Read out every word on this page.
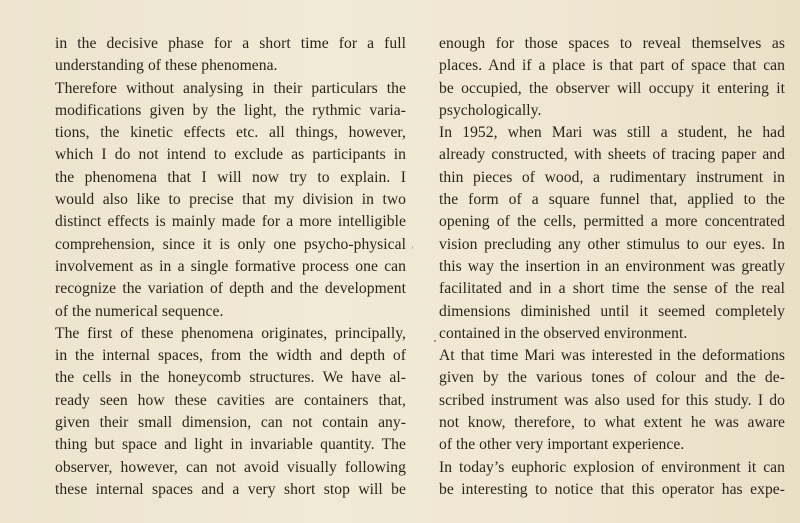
in the decisive phase for a short time for a full
understanding of these phenomena.
Therefore without analysing in their particulars the
modifications given by the light, the rythmic varia-
tions, the kinetic effects etc. all things, however,
which I do not intend to exclude as participants in
the phenomena that I will now try to explain. I
would also like to precise that my division in two
distinct effects is mainly made for a more intelligible
comprehension, since it is only one psycho-physical
involvement as in a single formative process one can
recognize the variation of depth and the development
of the numerical sequence.
The first of these phenomena originates, principally,
in the internal spaces, from the width and depth of
the cells in the honeycomb structures. We have al-
ready seen how these cavities are containers that,
given their small dimension, can not contain any-
thing but space and light in invariable quantity. The
observer, however, can not avoid visually following
these internal spaces and a very short stop will be
enough for those spaces to reveal themselves as
places. And if a place is that part of space that can
be occupied, the observer will occupy it entering it
psychologically.
In 1952, when Mari was still a student, he had
already constructed, with sheets of tracing paper and
thin pieces of wood, a rudimentary instrument in
the form of a square funnel that, applied to the
opening of the cells, permitted a more concentrated
vision precluding any other stimulus to our eyes. In
this way the insertion in an environment was greatly
facilitated and in a short time the sense of the real
dimensions diminished until it seemed completely
contained in the observed environment.
At that time Mari was interested in the deformations
given by the various tones of colour and the de-
scribed instrument was also used for this study. I do
not know, therefore, to what extent he was aware
of the other very important experience.
In today’s euphoric explosion of environment it can
be interesting to notice that this operator has expe-
